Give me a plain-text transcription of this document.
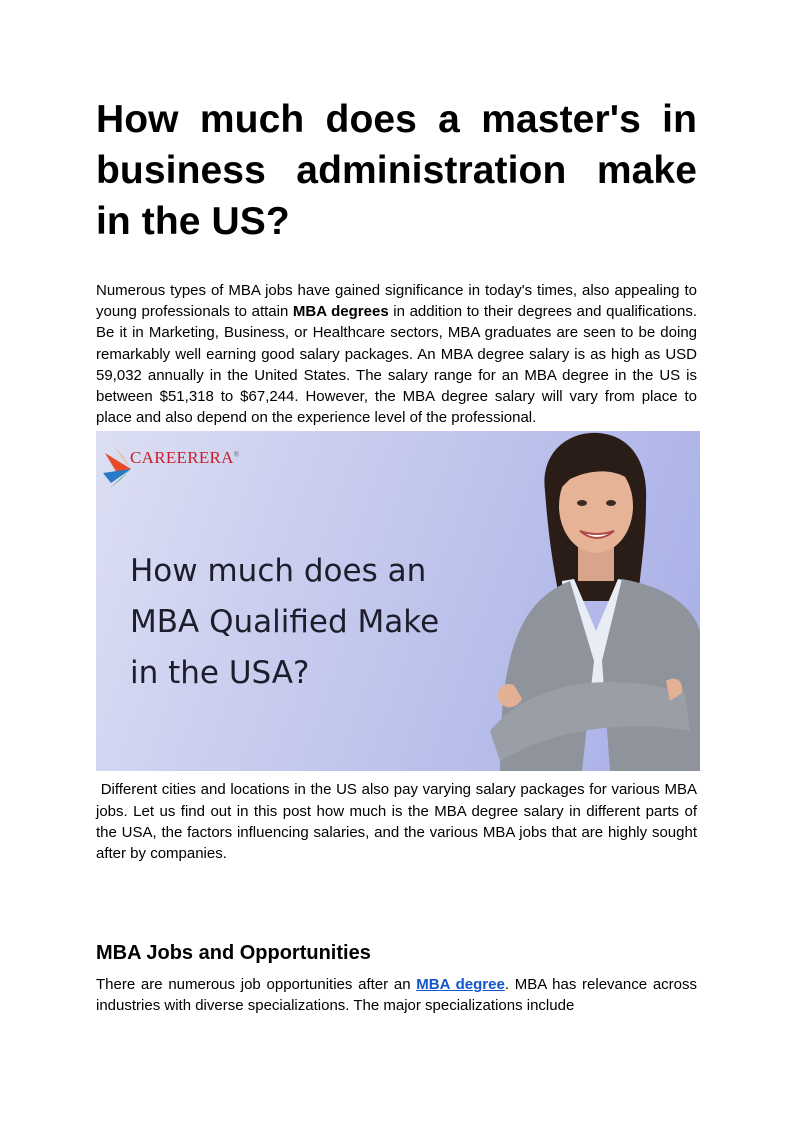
How much does a master's in business administration make in the US?

Numerous types of MBA jobs have gained significance in today's times, also appealing to young professionals to attain MBA degrees in addition to their degrees and qualifications. Be it in Marketing, Business, or Healthcare sectors, MBA graduates are seen to be doing remarkably well earning good salary packages. An MBA degree salary is as high as USD 59,032 annually in the United States. The salary range for an MBA degree in the US is between $51,318 to $67,244. However, the MBA degree salary will vary from place to place and also depend on the experience level of the professional.

CAREERERA®
How much does an
MBA Qualified Make
in the USA?

Different cities and locations in the US also pay varying salary packages for various MBA jobs. Let us find out in this post how much is the MBA degree salary in different parts of the USA, the factors influencing salaries, and the various MBA jobs that are highly sought after by companies.

MBA Jobs and Opportunities

There are numerous job opportunities after an MBA degree. MBA has relevance across industries with diverse specializations. The major specializations include
